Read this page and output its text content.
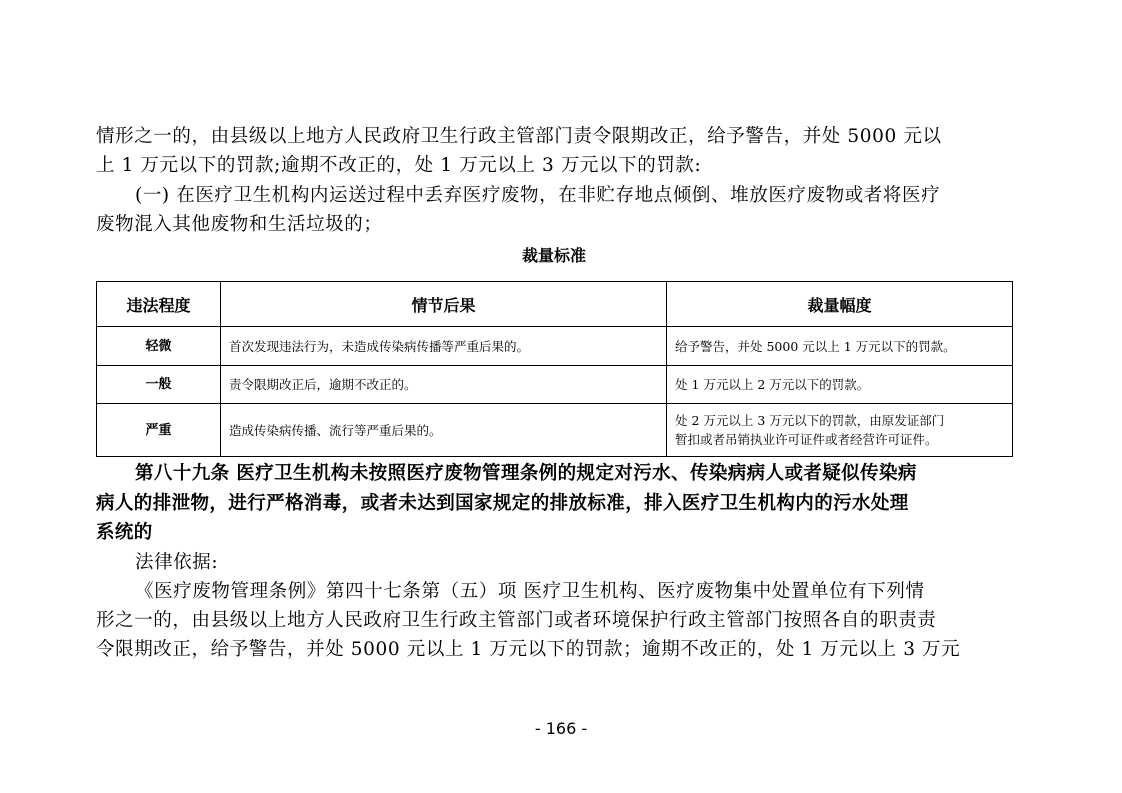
情形之一的，由县级以上地方人民政府卫生行政主管部门责令限期改正，给予警告，并处 5000 元以
上 1 万元以下的罚款;逾期不改正的，处 1 万元以上 3 万元以下的罚款:
(一) 在医疗卫生机构内运送过程中丢弃医疗废物，在非贮存地点倾倒、堆放医疗废物或者将医疗
废物混入其他废物和生活垃圾的；
裁量标准
违法程度	情节后果	裁量幅度
轻微	首次发现违法行为，未造成传染病传播等严重后果的。	给予警告，并处 5000 元以上 1 万元以下的罚款。
一般	责令限期改正后，逾期不改正的。	处 1 万元以上 2 万元以下的罚款。
严重	造成传染病传播、流行等严重后果的。	处 2 万元以上 3 万元以下的罚款，由原发证部门
暂扣或者吊销执业许可证件或者经营许可证件。
第八十九条 医疗卫生机构未按照医疗废物管理条例的规定对污水、传染病病人或者疑似传染病
病人的排泄物，进行严格消毒，或者未达到国家规定的排放标准，排入医疗卫生机构内的污水处理
系统的
法律依据:
《医疗废物管理条例》第四十七条第（五）项 医疗卫生机构、医疗废物集中处置单位有下列情
形之一的，由县级以上地方人民政府卫生行政主管部门或者环境保护行政主管部门按照各自的职责责
令限期改正，给予警告，并处 5000 元以上 1 万元以下的罚款；逾期不改正的，处 1 万元以上 3 万元
- 166 -
